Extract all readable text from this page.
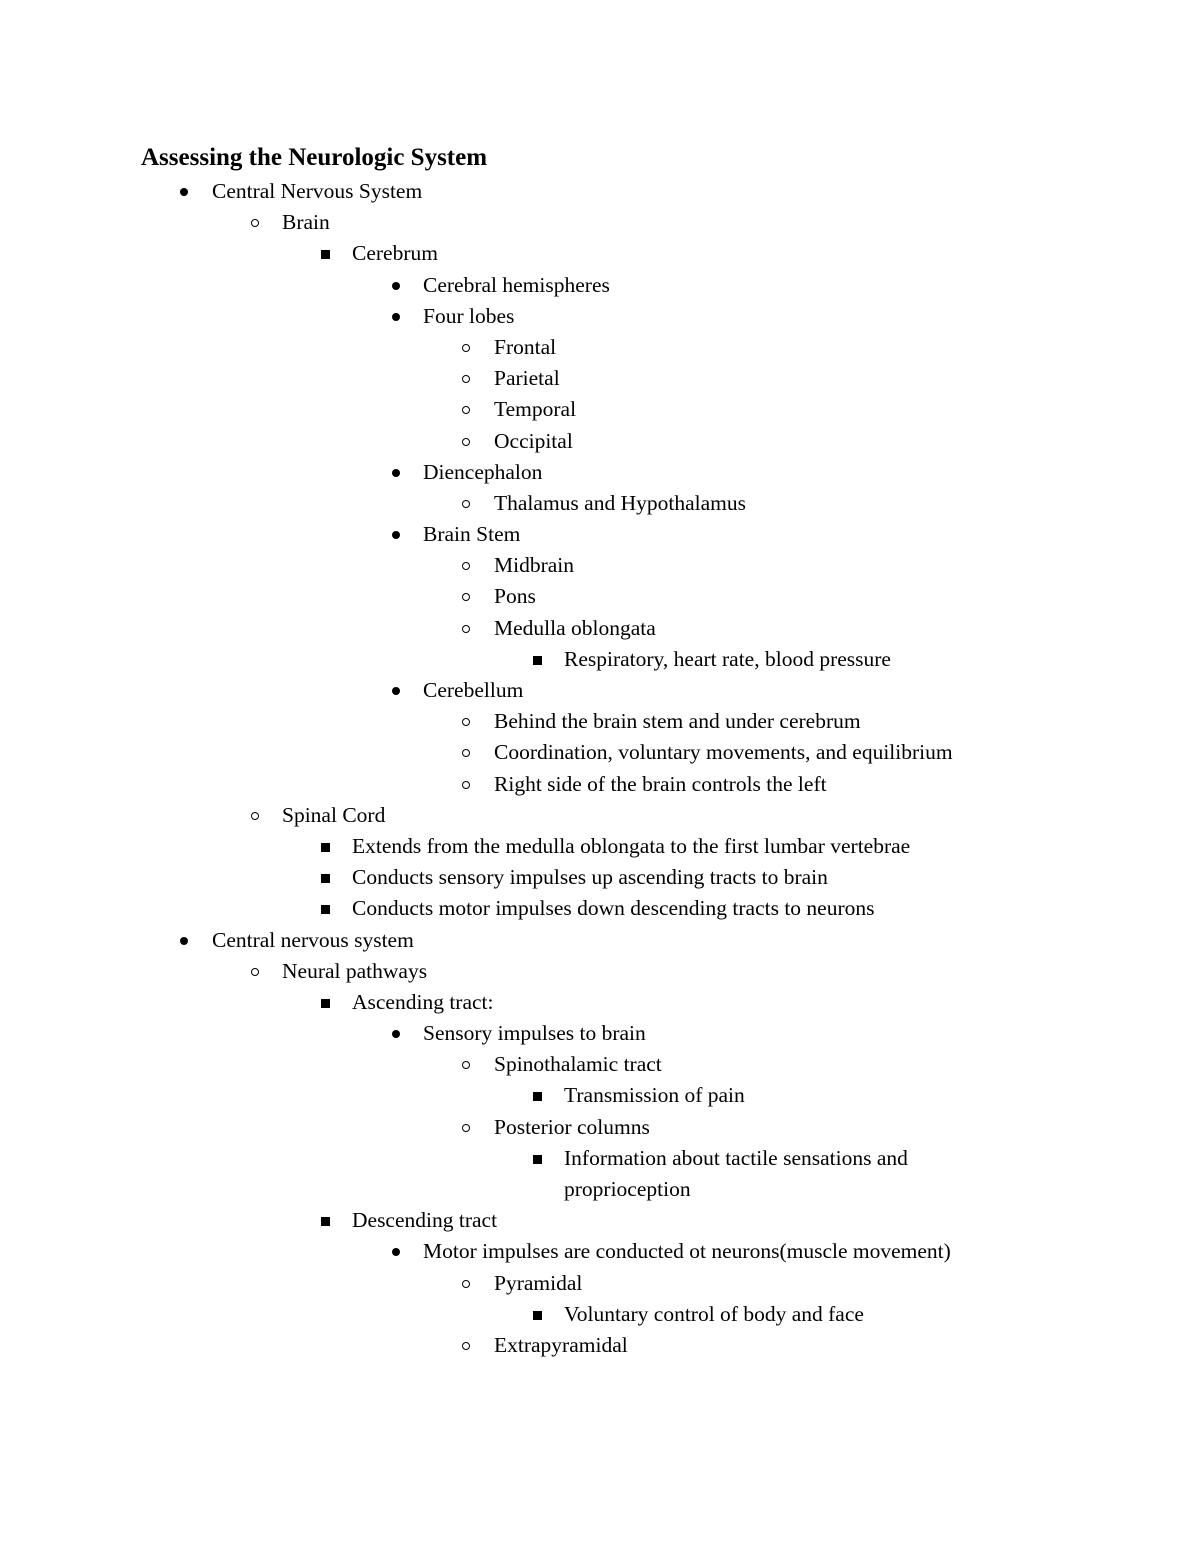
Assessing the Neurologic System
Central Nervous System
Brain
Cerebrum
Cerebral hemispheres
Four lobes
Frontal
Parietal
Temporal
Occipital
Diencephalon
Thalamus and Hypothalamus
Brain Stem
Midbrain
Pons
Medulla oblongata
Respiratory, heart rate, blood pressure
Cerebellum
Behind the brain stem and under cerebrum
Coordination, voluntary movements, and equilibrium
Right side of the brain controls the left
Spinal Cord
Extends from the medulla oblongata to the first lumbar vertebrae
Conducts sensory impulses up ascending tracts to brain
Conducts motor impulses down descending tracts to neurons
Central nervous system
Neural pathways
Ascending tract:
Sensory impulses to brain
Spinothalamic tract
Transmission of pain
Posterior columns
Information about tactile sensations and proprioception
Descending tract
Motor impulses are conducted ot neurons(muscle movement)
Pyramidal
Voluntary control of body and face
Extrapyramidal
